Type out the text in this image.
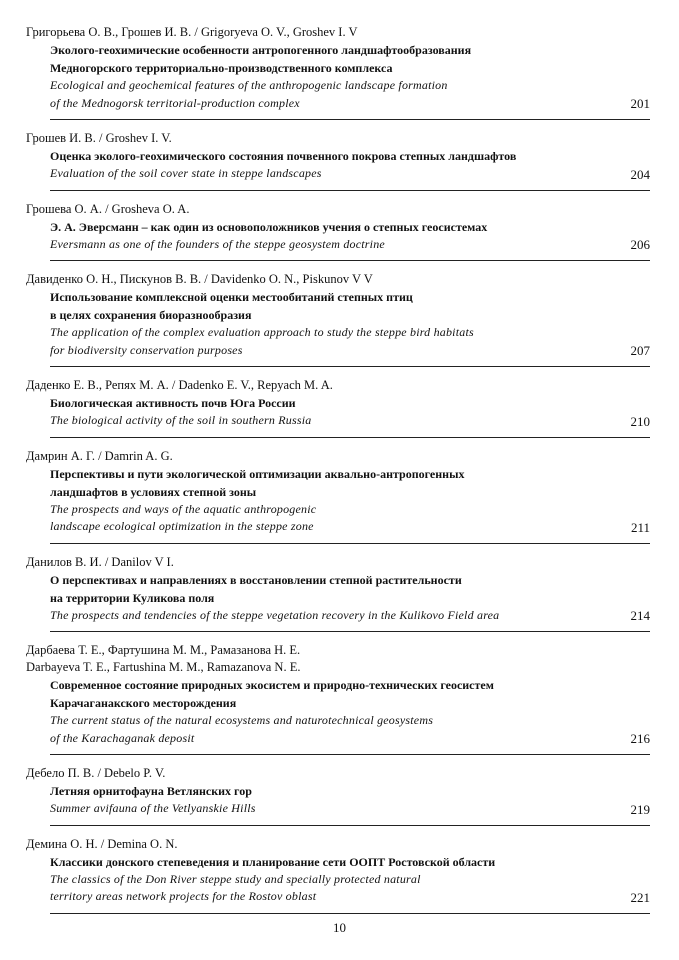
Григорьева О. В., Грошев И. В. / Grigoryeva O. V., Groshev I. V
Эколого-геохимические особенности антропогенного ландшафтообразования
Медногорского территориально-производственного комплекса
Ecological and geochemical features of the anthropogenic landscape formation
of the Mednogorsk territorial-production complex	201
Грошев И. В. / Groshev I. V.
Оценка эколого-геохимического состояния почвенного покрова степных ландшафтов
Evaluation of the soil cover state in steppe landscapes	204
Грошева О. А. / Grosheva O. A.
Э. А. Эверсманн – как один из основоположников учения о степных геосистемах
Eversmann as one of the founders of the steppe geosystem doctrine	206
Давиденко О. Н., Пискунов В. В. / Davidenko O. N., Piskunov V V
Использование комплексной оценки местообитаний степных птиц
в целях сохранения биоразнообразия
The application of the complex evaluation approach to study the steppe bird habitats
for biodiversity conservation purposes	207
Даденко Е. В., Репях М. А. / Dadenko E. V., Repyach M. A.
Биологическая активность почв Юга России
The biological activity of the soil in southern Russia	210
Дамрин А. Г. / Damrin A. G.
Перспективы и пути экологической оптимизации аквально-антропогенных
ландшафтов в условиях степной зоны
The prospects and ways of the aquatic anthropogenic
landscape ecological optimization in the steppe zone	211
Данилов В. И. / Danilov V I.
О перспективах и направлениях в восстановлении степной растительности
на территории Куликова поля
The prospects and tendencies of the steppe vegetation recovery in the Kulikovo Field area	214
Дарбаева Т. Е., Фартушина М. М., Рамазанова Н. Е.
Darbayeva T. E., Fartushina M. M., Ramazanova N. E.
Современное состояние природных экосистем и природно-технических геосистем
Карачаганакского месторождения
The current status of the natural ecosystems and naturotechnical geosystems
of the Karachaganak deposit	216
Дебело П. В. / Debelo P. V.
Летняя орнитофауна Ветлянских гор
Summer avifauna of the Vetlyanskie Hills	219
Демина О. Н. / Demina O. N.
Классики донского степеведения и планирование сети ООПТ Ростовской области
The classics of the Don River steppe study and specially protected natural
territory areas network projects for the Rostov oblast	221
10
